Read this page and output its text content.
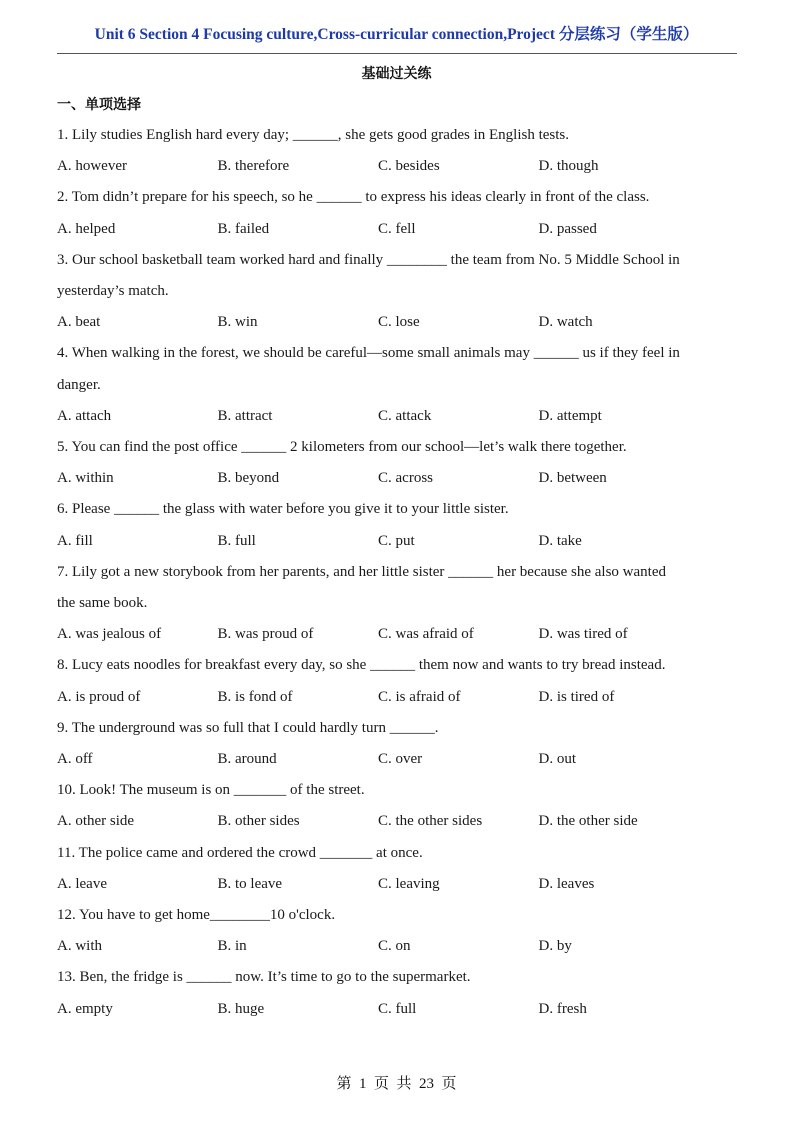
Unit 6 Section 4 Focusing culture,Cross-curricular connection,Project 分层练习（学生版）
基础过关练
一、单项选择
1. Lily studies English hard every day; ______, she gets good grades in English tests.
A. however	B. therefore	C. besides	D. though
2. Tom didn’t prepare for his speech, so he ______ to express his ideas clearly in front of the class.
A. helped	B. failed	C. fell	D. passed
3. Our school basketball team worked hard and finally ________ the team from No. 5 Middle School in
yesterday’s match.
A. beat	B. win	C. lose	D. watch
4. When walking in the forest, we should be careful—some small animals may ______ us if they feel in
danger.
A. attach	B. attract	C. attack	D. attempt
5. You can find the post office ______ 2 kilometers from our school—let’s walk there together.
A. within	B. beyond	C. across	D. between
6. Please ______ the glass with water before you give it to your little sister.
A. fill	B. full	C. put	D. take
7. Lily got a new storybook from her parents, and her little sister ______ her because she also wanted
the same book.
A. was jealous of	B. was proud of	C. was afraid of	D. was tired of
8. Lucy eats noodles for breakfast every day, so she ______ them now and wants to try bread instead.
A. is proud of	B. is fond of	C. is afraid of	D. is tired of
9. The underground was so full that I could hardly turn ______.
A. off	B. around	C. over	D. out
10. Look! The museum is on _______ of the street.
A. other side	B. other sides	C. the other sides	D. the other side
11. The police came and ordered the crowd _______ at once.
A. leave	B. to leave	C. leaving	D. leaves
12. You have to get home________10 o'clock.
A. with	B. in	C. on	D. by
13. Ben, the fridge is ______ now. It’s time to go to the supermarket.
A. empty	B. huge	C. full	D. fresh
第  1  页  共  23  页
